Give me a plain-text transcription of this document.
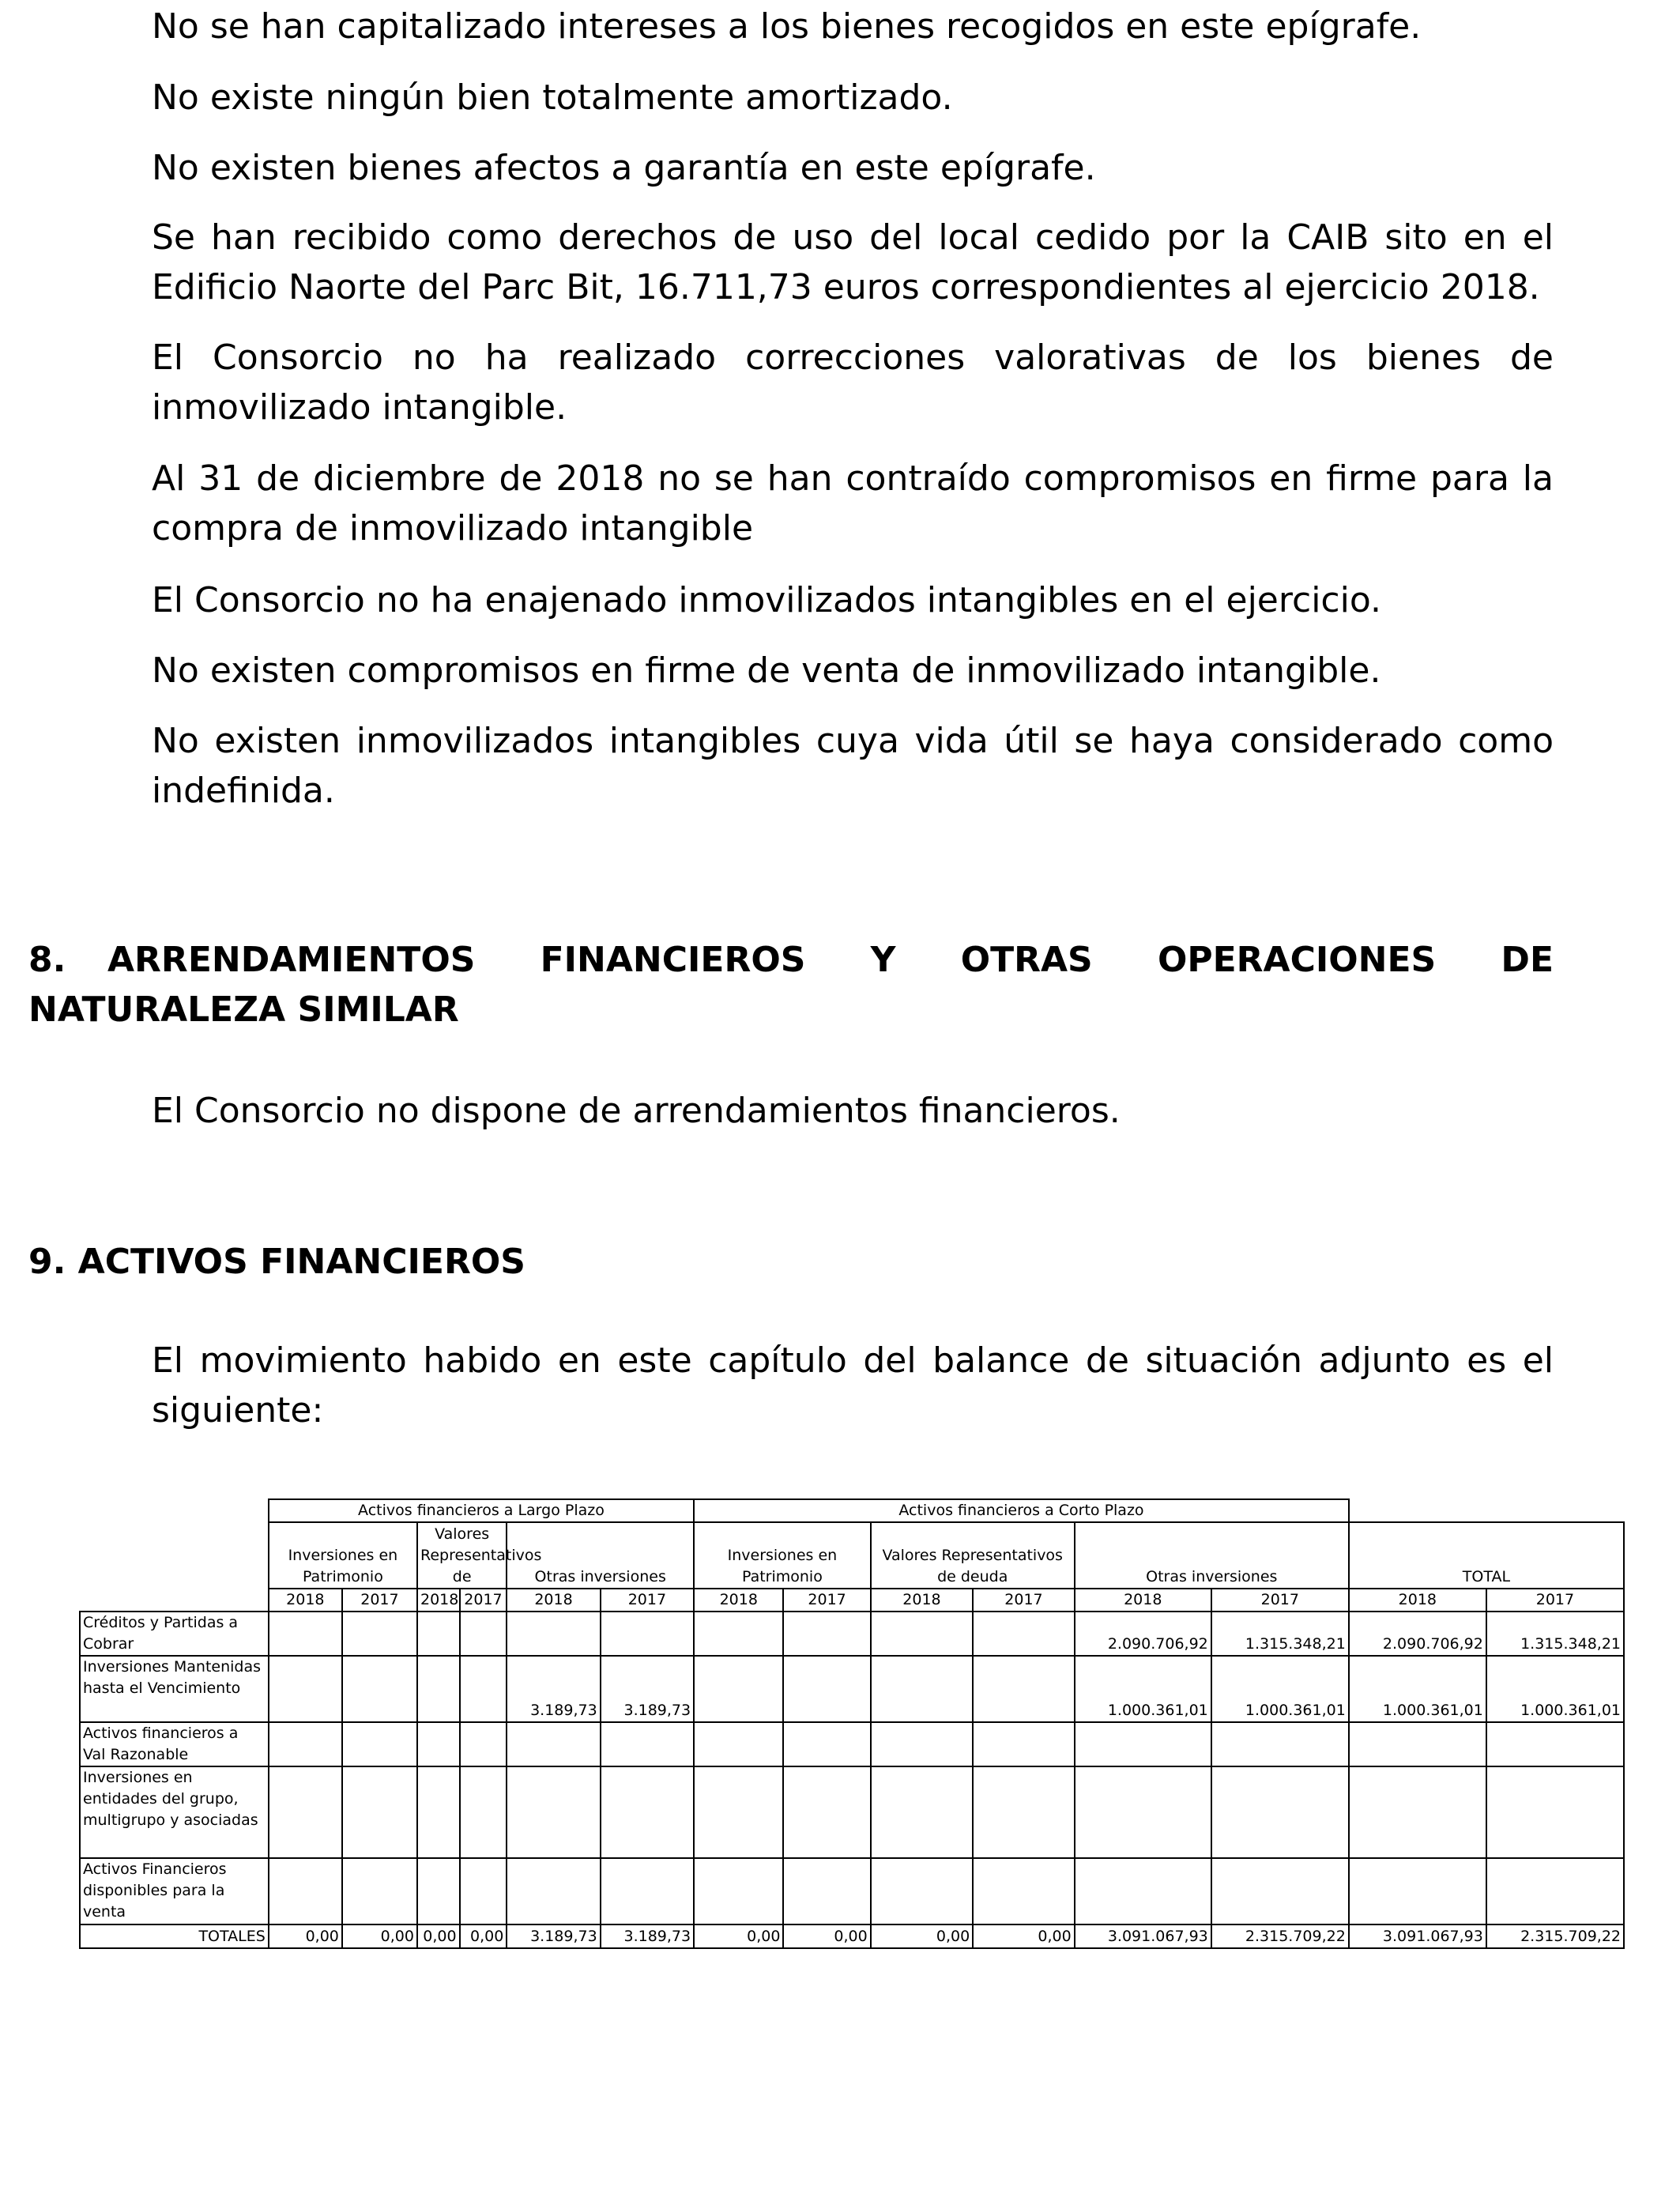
No se han capitalizado intereses a los bienes recogidos en este epígrafe.

No existe ningún bien totalmente amortizado.

No existen bienes afectos a garantía en este epígrafe.

Se han recibido como derechos de uso del local cedido por la CAIB sito en el Edificio Naorte del Parc Bit, 16.711,73 euros correspondientes al ejercicio 2018.

El Consorcio no ha realizado correcciones valorativas de los bienes de inmovilizado intangible.

Al 31 de diciembre de 2018 no se han contraído compromisos en firme para la compra de inmovilizado intangible

El Consorcio no ha enajenado inmovilizados intangibles en el ejercicio.

No existen compromisos en firme de venta de inmovilizado intangible.

No existen inmovilizados intangibles cuya vida útil se haya considerado como indefinida.

8. ARRENDAMIENTOS FINANCIEROS Y OTRAS OPERACIONES DE NATURALEZA SIMILAR

El Consorcio no dispone de arrendamientos financieros.

9. ACTIVOS FINANCIEROS

El movimiento habido en este capítulo del balance de situación adjunto es el siguiente:

	Activos financieros a Largo Plazo						Activos financieros a Corto Plazo							
	Inversiones en Patrimonio		Valores Representativos de		Otras inversiones		Inversiones en Patrimonio		Valores Representativos de deuda		Otras inversiones		TOTAL	
	2018	2017	2018	2017	2018	2017	2018	2017	2018	2017	2018	2017	2018	2017
Créditos y Partidas a Cobrar											2.090.706,92	1.315.348,21	2.090.706,92	1.315.348,21
Inversiones Mantenidas hasta el Vencimiento					3.189,73	3.189,73					1.000.361,01	1.000.361,01	1.000.361,01	1.000.361,01
Activos financieros a Val Razonable														
Inversiones en entidades del grupo, multigrupo y asociadas														
Activos Financieros disponibles para la venta														
TOTALES	0,00	0,00	0,00	0,00	3.189,73	3.189,73	0,00	0,00	0,00	0,00	3.091.067,93	2.315.709,22	3.091.067,93	2.315.709,22
